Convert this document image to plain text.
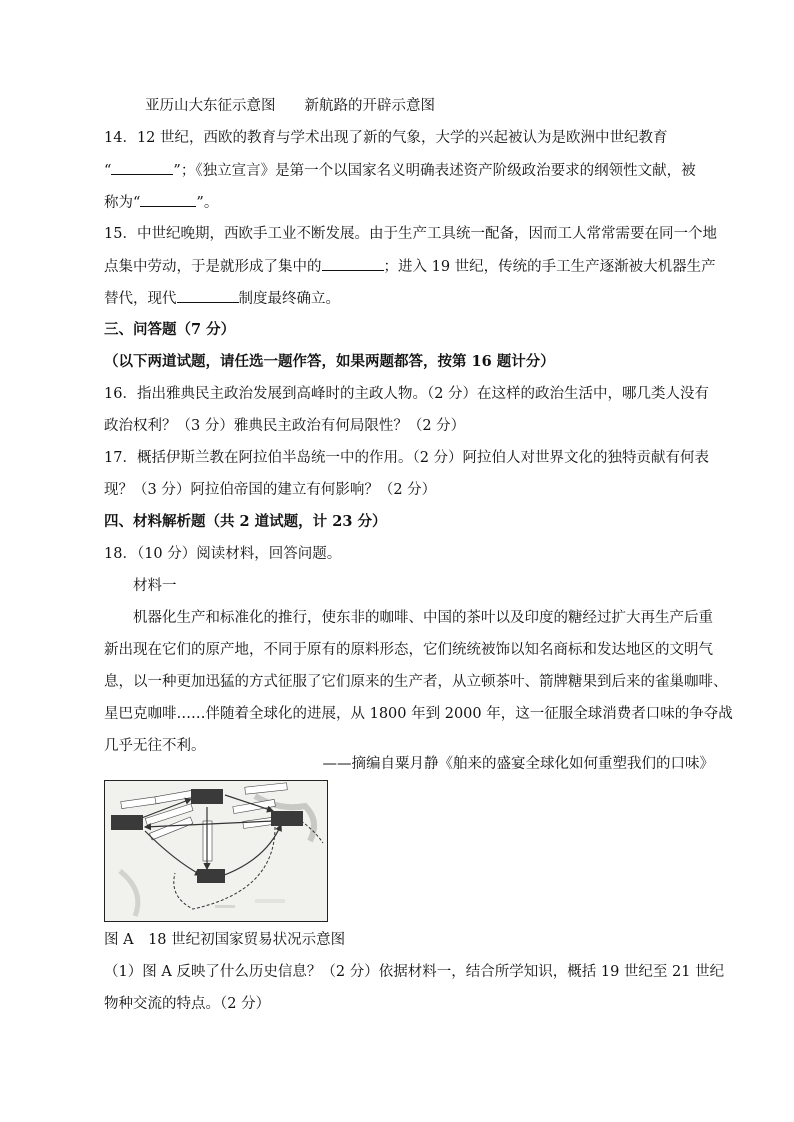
亚历山大东征示意图　　新航路的开辟示意图
14．12 世纪，西欧的教育与学术出现了新的气象，大学的兴起被认为是欧洲中世纪教育
“	”；《独立宣言》是第一个以国家名义明确表述资产阶级政治要求的纲领性文献，被
称为“	”。
15．中世纪晚期，西欧手工业不断发展。由于生产工具统一配备，因而工人常常需要在同一个地
点集中劳动，于是就形成了集中的	；进入 19 世纪，传统的手工生产逐渐被大机器生产
替代，现代	制度最终确立。
三、问答题（7 分）
（以下两道试题，请任选一题作答，如果两题都答，按第 16 题计分）
16．指出雅典民主政治发展到高峰时的主政人物。（2 分）在这样的政治生活中，哪几类人没有
政治权利？（3 分）雅典民主政治有何局限性？（2 分）
17．概括伊斯兰教在阿拉伯半岛统一中的作用。（2 分）阿拉伯人对世界文化的独特贡献有何表
现？（3 分）阿拉伯帝国的建立有何影响？（2 分）
四、材料解析题（共 2 道试题，计 23 分）
18．（10 分）阅读材料，回答问题。
材料一
机器化生产和标准化的推行，使东非的咖啡、中国的茶叶以及印度的糖经过扩大再生产后重
新出现在它们的原产地，不同于原有的原料形态，它们统统被饰以知名商标和发达地区的文明气
息，以一种更加迅猛的方式征服了它们原来的生产者，从立顿茶叶、箭牌糖果到后来的雀巢咖啡、
星巴克咖啡……伴随着全球化的进展，从 1800 年到 2000 年，这一征服全球消费者口味的争夺战
几乎无往不利。
——摘编自粟月静《舶来的盛宴全球化如何重塑我们的口味》
图 A　18 世纪初国家贸易状况示意图
（1）图 A 反映了什么历史信息？（2 分）依据材料一，结合所学知识，概括 19 世纪至 21 世纪
物种交流的特点。（2 分）
